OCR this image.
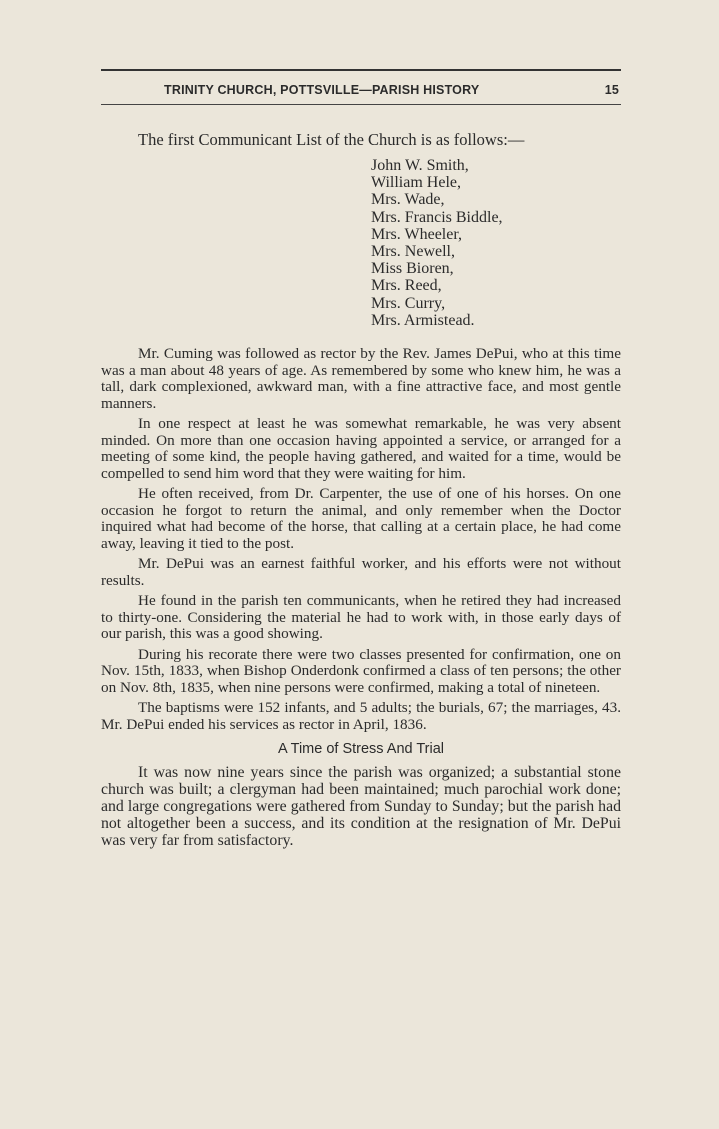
TRINITY CHURCH, POTTSVILLE—PARISH HISTORY	15
The first Communicant List of the Church is as follows:—
John W. Smith,
William Hele,
Mrs. Wade,
Mrs. Francis Biddle,
Mrs. Wheeler,
Mrs. Newell,
Miss Bioren,
Mrs. Reed,
Mrs. Curry,
Mrs. Armistead.

Mr. Cuming was followed as rector by the Rev. James DePui, who at this time was a man about 48 years of age. As remembered by some who knew him, he was a tall, dark complexioned, awkward man, with a fine attractive face, and most gentle manners.

In one respect at least he was somewhat remarkable, he was very absent minded. On more than one occasion having appointed a service, or arranged for a meeting of some kind, the people having gathered, and waited for a time, would be compelled to send him word that they were waiting for him.

He often received, from Dr. Carpenter, the use of one of his horses. On one occasion he forgot to return the animal, and only remember when the Doctor inquired what had become of the horse, that calling at a certain place, he had come away, leaving it tied to the post.

Mr. DePui was an earnest faithful worker, and his efforts were not without results.

He found in the parish ten communicants, when he retired they had increased to thirty-one. Considering the material he had to work with, in those early days of our parish, this was a good showing.

During his recorate there were two classes presented for confirmation, one on Nov. 15th, 1833, when Bishop Onderdonk confirmed a class of ten persons; the other on Nov. 8th, 1835, when nine persons were confirmed, making a total of nineteen.

The baptisms were 152 infants, and 5 adults; the burials, 67; the marriages, 43. Mr. DePui ended his services as rector in April, 1836.

A Time of Stress And Trial

It was now nine years since the parish was organized; a substantial stone church was built; a clergyman had been maintained; much parochial work done; and large congregations were gathered from Sunday to Sunday; but the parish had not altogether been a success, and its condition at the resignation of Mr. DePui was very far from satisfactory.
